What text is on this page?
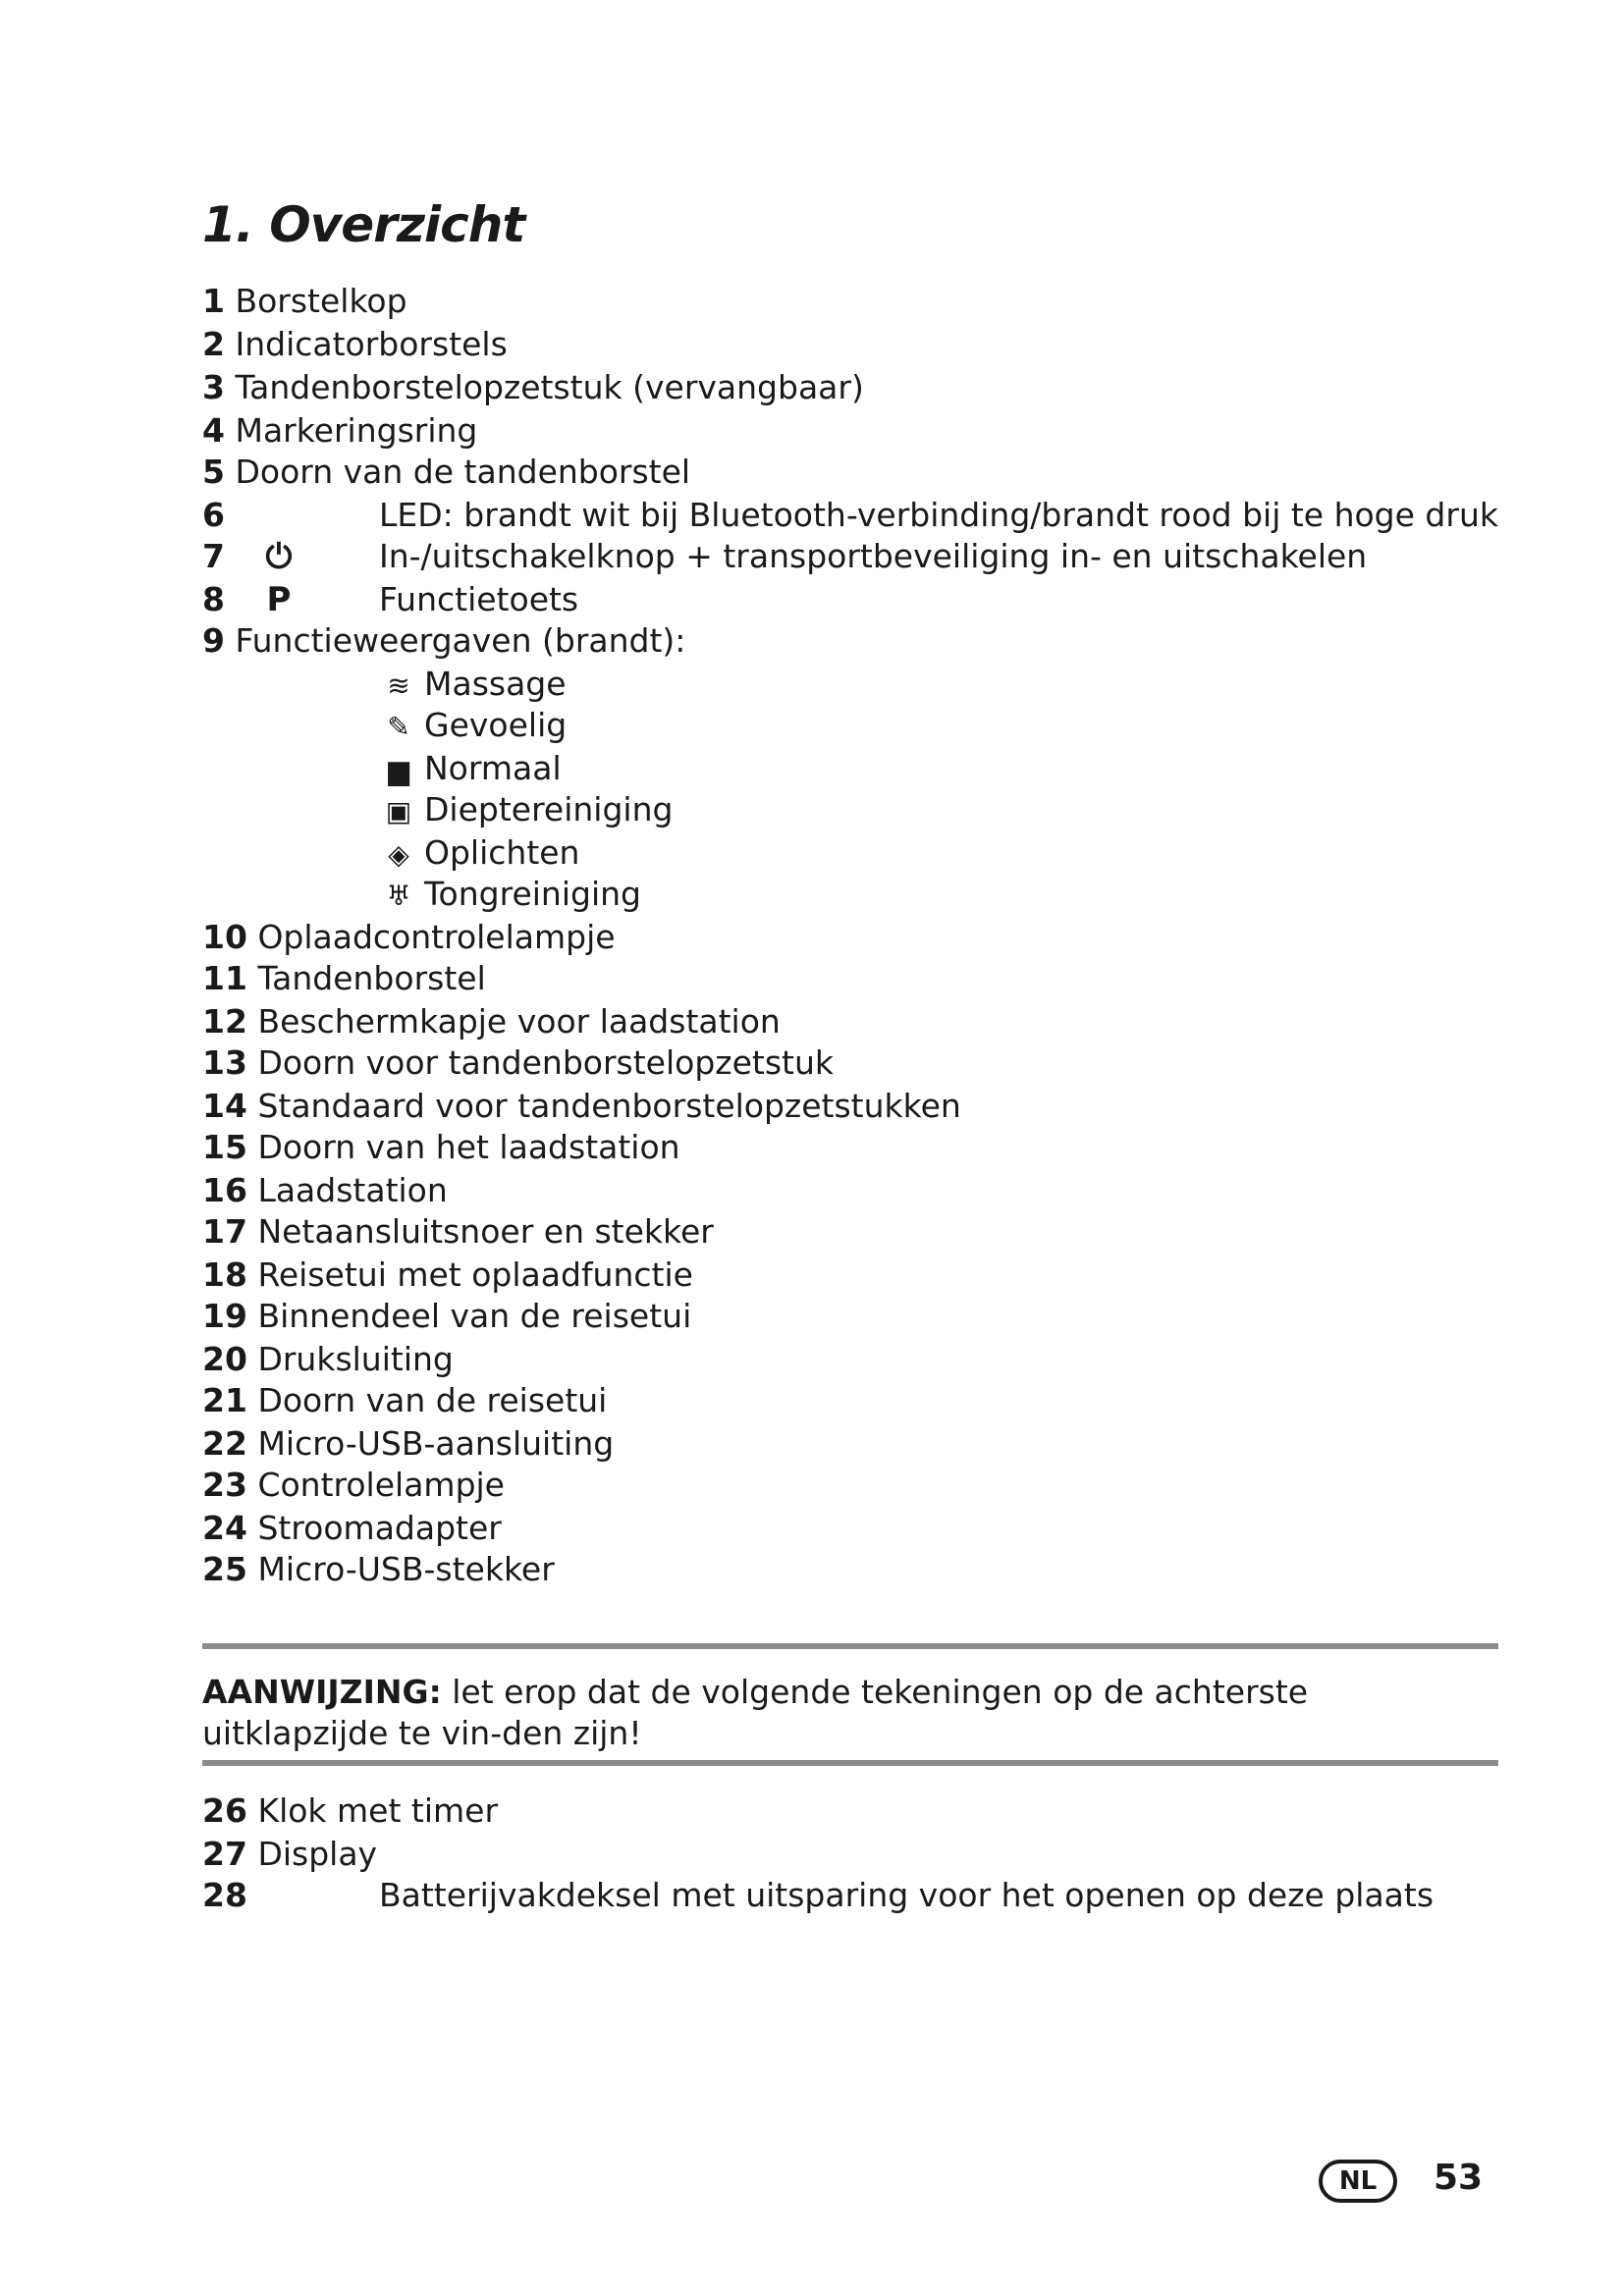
1. Overzicht
1 Borstelkop
2 Indicatorborstels
3 Tandenborstelopzetstuk (vervangbaar)
4 Markeringsring
5 Doorn van de tandenborstel
6	LED: brandt wit bij Bluetooth-verbinding/brandt rood bij te hoge druk
7 ⏻	In-/uitschakelknop + transportbeveiliging in- en uitschakelen
8 P	Functietoets
9 Functieweergaven (brandt):
≋ Massage
✎ Gevoelig
▆ Normaal
▣ Dieptereiniging
◈ Oplichten
♅ Tongreiniging
10 Oplaadcontrolelampje
11 Tandenborstel
12 Beschermkapje voor laadstation
13 Doorn voor tandenborstelopzetstuk
14 Standaard voor tandenborstelopzetstukken
15 Doorn van het laadstation
16 Laadstation
17 Netaansluitsnoer en stekker
18 Reisetui met oplaadfunctie
19 Binnendeel van de reisetui
20 Druksluiting
21 Doorn van de reisetui
22 Micro-USB-aansluiting
23 Controlelampje
24 Stroomadapter
25 Micro-USB-stekker
AANWIJZING: let erop dat de volgende tekeningen op de achterste uitklapzijde te vin-den zijn!
26 Klok met timer
27 Display
28	Batterijvakdeksel met uitsparing voor het openen op deze plaats
NL	53
